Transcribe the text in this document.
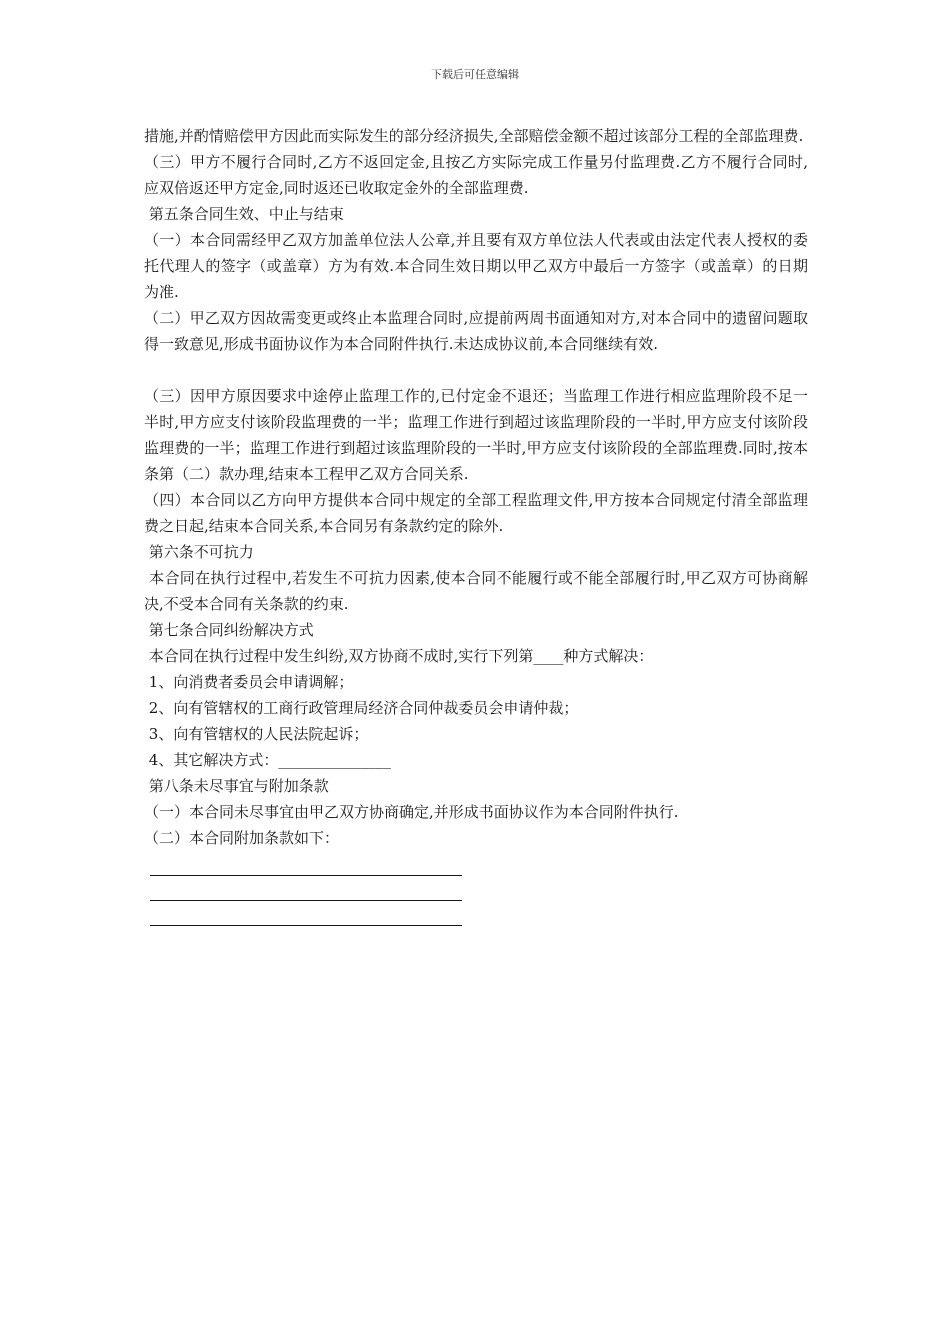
下载后可任意编辑

措施,并酌情赔偿甲方因此而实际发生的部分经济损失,全部赔偿金额不超过该部分工程的全部监理费.

（三）甲方不履行合同时,乙方不返回定金,且按乙方实际完成工作量另付监理费.乙方不履行合同时,应双倍返还甲方定金,同时返还已收取定金外的全部监理费.

第五条合同生效、中止与结束

（一）本合同需经甲乙双方加盖单位法人公章,并且要有双方单位法人代表或由法定代表人授权的委托代理人的签字（或盖章）方为有效.本合同生效日期以甲乙双方中最后一方签字（或盖章）的日期为准.

（二）甲乙双方因故需变更或终止本监理合同时,应提前两周书面通知对方,对本合同中的遗留问题取得一致意见,形成书面协议作为本合同附件执行.未达成协议前,本合同继续有效.

（三）因甲方原因要求中途停止监理工作的,已付定金不退还；当监理工作进行相应监理阶段不足一半时,甲方应支付该阶段监理费的一半；监理工作进行到超过该监理阶段的一半时,甲方应支付该阶段监理费的一半；监理工作进行到超过该监理阶段的一半时,甲方应支付该阶段的全部监理费.同时,按本条第（二）款办理,结束本工程甲乙双方合同关系.

（四）本合同以乙方向甲方提供本合同中规定的全部工程监理文件,甲方按本合同规定付清全部监理费之日起,结束本合同关系,本合同另有条款约定的除外.

第六条不可抗力

本合同在执行过程中,若发生不可抗力因素,使本合同不能履行或不能全部履行时,甲乙双方可协商解决,不受本合同有关条款的约束.

第七条合同纠纷解决方式

本合同在执行过程中发生纠纷,双方协商不成时,实行下列第____种方式解决：

1、向消费者委员会申请调解；

2、向有管辖权的工商行政管理局经济合同仲裁委员会申请仲裁；

3、向有管辖权的人民法院起诉；

4、其它解决方式：_______________

第八条未尽事宜与附加条款

（一）本合同未尽事宜由甲乙双方协商确定,并形成书面协议作为本合同附件执行.

（二）本合同附加条款如下：
